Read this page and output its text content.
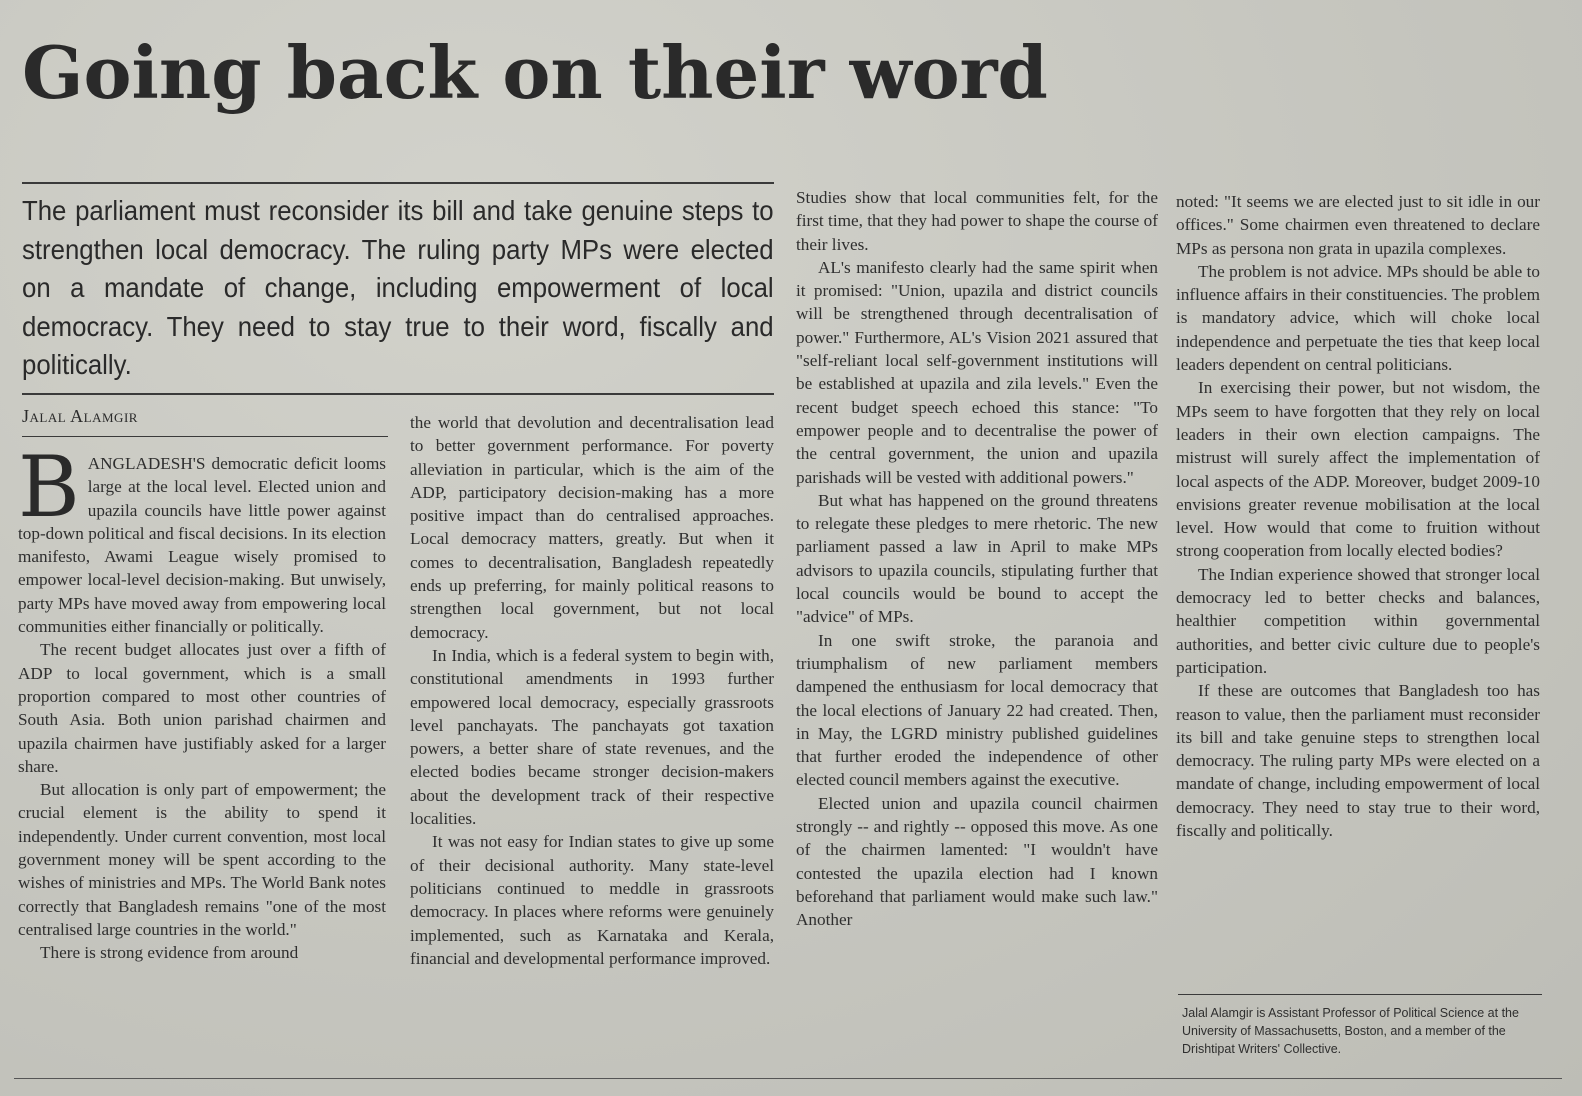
Going back on their word

The parliament must reconsider its bill and take genuine steps to strengthen local democracy. The ruling party MPs were elected on a mandate of change, including empowerment of local democracy. They need to stay true to their word, fiscally and politically.

Jalal Alamgir

BANGLADESH'S democratic deficit looms large at the local level. Elected union and upazila councils have little power against top-down political and fiscal decisions. In its election manifesto, Awami League wisely promised to empower local-level decision-making. But unwisely, party MPs have moved away from empowering local communities either financially or politically.

The recent budget allocates just over a fifth of ADP to local government, which is a small proportion compared to most other countries of South Asia. Both union parishad chairmen and upazila chairmen have justifiably asked for a larger share.

But allocation is only part of empowerment; the crucial element is the ability to spend it independently. Under current convention, most local government money will be spent according to the wishes of ministries and MPs. The World Bank notes correctly that Bangladesh remains "one of the most centralised large countries in the world."

There is strong evidence from around

the world that devolution and decentralisation lead to better government performance. For poverty alleviation in particular, which is the aim of the ADP, participatory decision-making has a more positive impact than do centralised approaches. Local democracy matters, greatly. But when it comes to decentralisation, Bangladesh repeatedly ends up preferring, for mainly political reasons to strengthen local government, but not local democracy.

In India, which is a federal system to begin with, constitutional amendments in 1993 further empowered local democracy, especially grassroots level panchayats. The panchayats got taxation powers, a better share of state revenues, and the elected bodies became stronger decision-makers about the development track of their respective localities.

It was not easy for Indian states to give up some of their decisional authority. Many state-level politicians continued to meddle in grassroots democracy. In places where reforms were genuinely implemented, such as Karnataka and Kerala, financial and developmental performance improved.

Studies show that local communities felt, for the first time, that they had power to shape the course of their lives.

AL's manifesto clearly had the same spirit when it promised: "Union, upazila and district councils will be strengthened through decentralisation of power." Furthermore, AL's Vision 2021 assured that "self-reliant local self-government institutions will be established at upazila and zila levels." Even the recent budget speech echoed this stance: "To empower people and to decentralise the power of the central government, the union and upazila parishads will be vested with additional powers."

But what has happened on the ground threatens to relegate these pledges to mere rhetoric. The new parliament passed a law in April to make MPs advisors to upazila councils, stipulating further that local councils would be bound to accept the "advice" of MPs.

In one swift stroke, the paranoia and triumphalism of new parliament members dampened the enthusiasm for local democracy that the local elections of January 22 had created. Then, in May, the LGRD ministry published guidelines that further eroded the independence of other elected council members against the executive.

Elected union and upazila council chairmen strongly -- and rightly -- opposed this move. As one of the chairmen lamented: "I wouldn't have contested the upazila election had I known beforehand that parliament would make such law." Another

noted: "It seems we are elected just to sit idle in our offices." Some chairmen even threatened to declare MPs as persona non grata in upazila complexes.

The problem is not advice. MPs should be able to influence affairs in their constituencies. The problem is mandatory advice, which will choke local independence and perpetuate the ties that keep local leaders dependent on central politicians.

In exercising their power, but not wisdom, the MPs seem to have forgotten that they rely on local leaders in their own election campaigns. The mistrust will surely affect the implementation of local aspects of the ADP. Moreover, budget 2009-10 envisions greater revenue mobilisation at the local level. How would that come to fruition without strong cooperation from locally elected bodies?

The Indian experience showed that stronger local democracy led to better checks and balances, healthier competition within governmental authorities, and better civic culture due to people's participation.

If these are outcomes that Bangladesh too has reason to value, then the parliament must reconsider its bill and take genuine steps to strengthen local democracy. The ruling party MPs were elected on a mandate of change, including empowerment of local democracy. They need to stay true to their word, fiscally and politically.

Jalal Alamgir is Assistant Professor of Political Science at the
University of Massachusetts, Boston, and a member of the
Drishtipat Writers' Collective.
